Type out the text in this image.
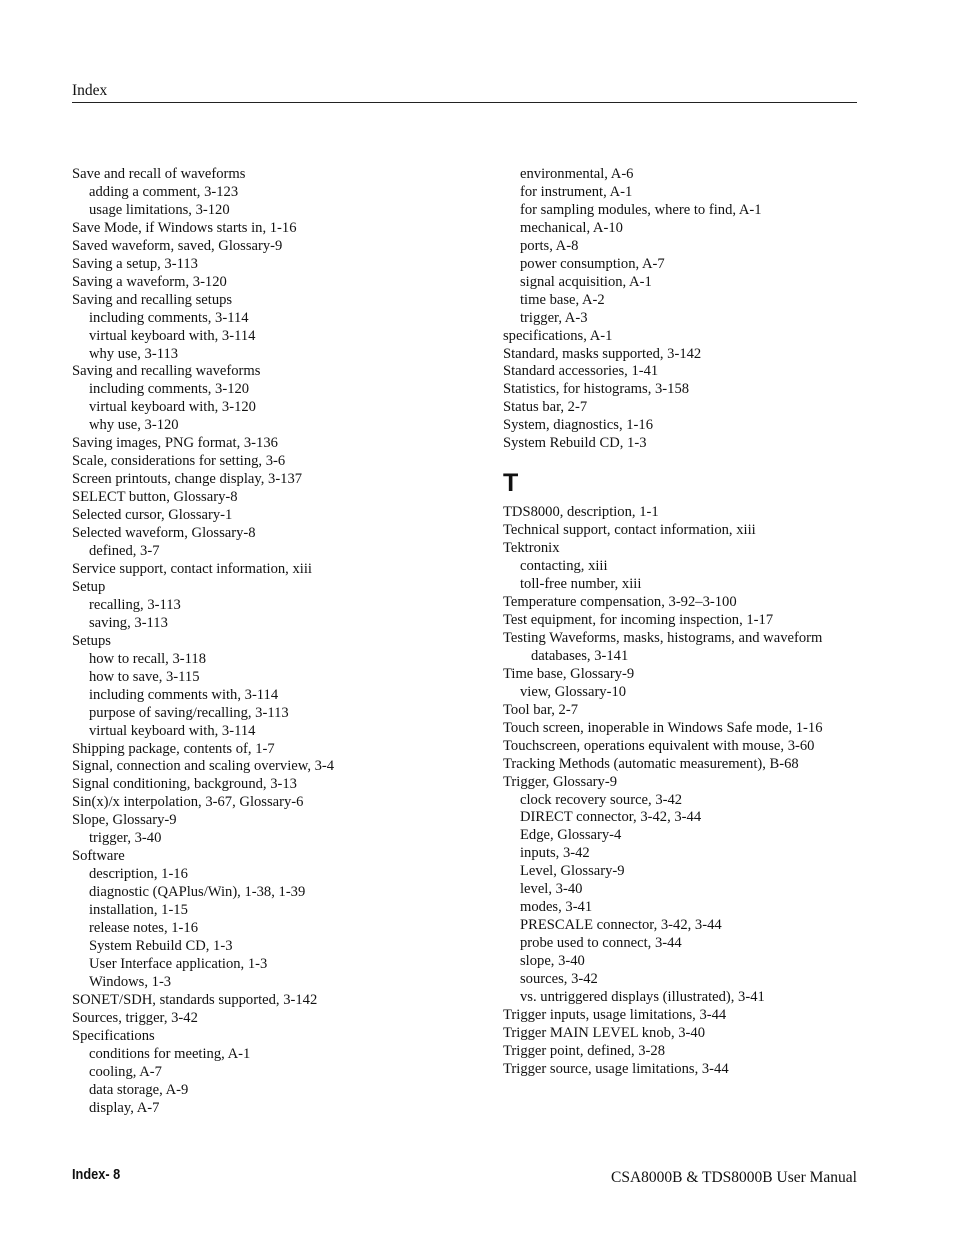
Index
Save and recall of waveforms
adding a comment, 3-123
usage limitations, 3-120
Save Mode, if Windows starts in, 1-16
Saved waveform, saved, Glossary-9
Saving a setup, 3-113
Saving a waveform, 3-120
Saving and recalling setups
including comments, 3-114
virtual keyboard with, 3-114
why use, 3-113
Saving and recalling waveforms
including comments, 3-120
virtual keyboard with, 3-120
why use, 3-120
Saving images, PNG format, 3-136
Scale, considerations for setting, 3-6
Screen printouts, change display, 3-137
SELECT button, Glossary-8
Selected cursor, Glossary-1
Selected waveform, Glossary-8
defined, 3-7
Service support, contact information, xiii
Setup
recalling, 3-113
saving, 3-113
Setups
how to recall, 3-118
how to save, 3-115
including comments with, 3-114
purpose of saving/recalling, 3-113
virtual keyboard with, 3-114
Shipping package, contents of, 1-7
Signal, connection and scaling overview, 3-4
Signal conditioning, background, 3-13
Sin(x)/x interpolation, 3-67, Glossary-6
Slope, Glossary-9
trigger, 3-40
Software
description, 1-16
diagnostic (QAPlus/Win), 1-38, 1-39
installation, 1-15
release notes, 1-16
System Rebuild CD, 1-3
User Interface application, 1-3
Windows, 1-3
SONET/SDH, standards supported, 3-142
Sources, trigger, 3-42
Specifications
conditions for meeting, A-1
cooling, A-7
data storage, A-9
display, A-7
environmental, A-6
for instrument, A-1
for sampling modules, where to find, A-1
mechanical, A-10
ports, A-8
power consumption, A-7
signal acquisition, A-1
time base, A-2
trigger, A-3
specifications, A-1
Standard, masks supported, 3-142
Standard accessories, 1-41
Statistics, for histograms, 3-158
Status bar, 2-7
System, diagnostics, 1-16
System Rebuild CD, 1-3
T
TDS8000, description, 1-1
Technical support, contact information, xiii
Tektronix
contacting, xiii
toll-free number, xiii
Temperature compensation, 3-92–3-100
Test equipment, for incoming inspection, 1-17
Testing Waveforms, masks, histograms, and waveform
databases, 3-141
Time base, Glossary-9
view, Glossary-10
Tool bar, 2-7
Touch screen, inoperable in Windows Safe mode, 1-16
Touchscreen, operations equivalent with mouse, 3-60
Tracking Methods (automatic measurement), B-68
Trigger, Glossary-9
clock recovery source, 3-42
DIRECT connector, 3-42, 3-44
Edge, Glossary-4
inputs, 3-42
Level, Glossary-9
level, 3-40
modes, 3-41
PRESCALE connector, 3-42, 3-44
probe used to connect, 3-44
slope, 3-40
sources, 3-42
vs. untriggered displays (illustrated), 3-41
Trigger inputs, usage limitations, 3-44
Trigger MAIN LEVEL knob, 3-40
Trigger point, defined, 3-28
Trigger source, usage limitations, 3-44
Index- 8	CSA8000B & TDS8000B User Manual
